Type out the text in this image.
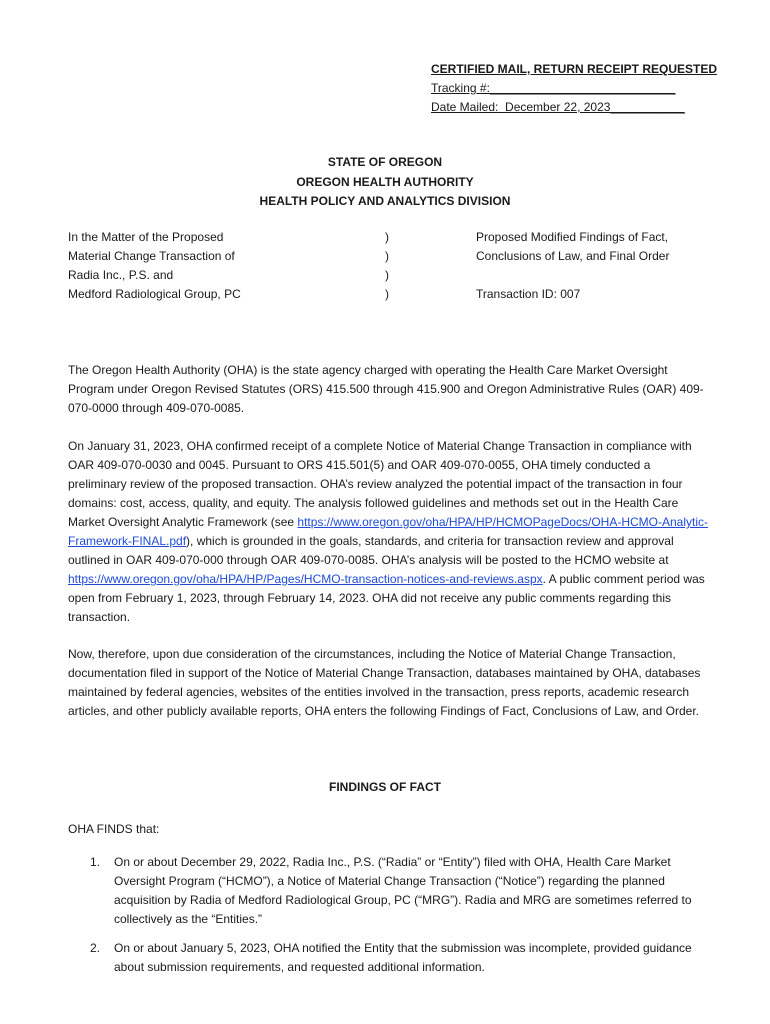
CERTIFIED MAIL, RETURN RECEIPT REQUESTED
Tracking #:______________________________
Date Mailed: December 22, 2023____________
STATE OF OREGON
OREGON HEALTH AUTHORITY
HEALTH POLICY AND ANALYTICS DIVISION
In the Matter of the Proposed
Material Change Transaction of
Radia Inc., P.S. and
Medford Radiological Group, PC
)
)
)
)
Proposed Modified Findings of Fact,
Conclusions of Law, and Final Order
Transaction ID: 007

The Oregon Health Authority (OHA) is the state agency charged with operating the Health Care Market Oversight Program under Oregon Revised Statutes (ORS) 415.500 through 415.900 and Oregon Administrative Rules (OAR) 409-070-0000 through 409-070-0085.

On January 31, 2023, OHA confirmed receipt of a complete Notice of Material Change Transaction in compliance with OAR 409-070-0030 and 0045. Pursuant to ORS 415.501(5) and OAR 409-070-0055, OHA timely conducted a preliminary review of the proposed transaction. OHA’s review analyzed the potential impact of the transaction in four domains: cost, access, quality, and equity. The analysis followed guidelines and methods set out in the Health Care Market Oversight Analytic Framework (see https://www.oregon.gov/oha/HPA/HP/HCMOPageDocs/OHA-HCMO-Analytic-Framework-FINAL.pdf), which is grounded in the goals, standards, and criteria for transaction review and approval outlined in OAR 409-070-000 through OAR 409-070-0085. OHA’s analysis will be posted to the HCMO website at https://www.oregon.gov/oha/HPA/HP/Pages/HCMO-transaction-notices-and-reviews.aspx. A public comment period was open from February 1, 2023, through February 14, 2023. OHA did not receive any public comments regarding this transaction.

Now, therefore, upon due consideration of the circumstances, including the Notice of Material Change Transaction, documentation filed in support of the Notice of Material Change Transaction, databases maintained by OHA, databases maintained by federal agencies, websites of the entities involved in the transaction, press reports, academic research articles, and other publicly available reports, OHA enters the following Findings of Fact, Conclusions of Law, and Order.

FINDINGS OF FACT
OHA FINDS that:
1.	On or about December 29, 2022, Radia Inc., P.S. (“Radia” or “Entity”) filed with OHA, Health Care Market Oversight Program (“HCMO”), a Notice of Material Change Transaction (“Notice”) regarding the planned acquisition by Radia of Medford Radiological Group, PC (“MRG”). Radia and MRG are sometimes referred to collectively as the “Entities.”
2.	On or about January 5, 2023, OHA notified the Entity that the submission was incomplete, provided guidance about submission requirements, and requested additional information.
